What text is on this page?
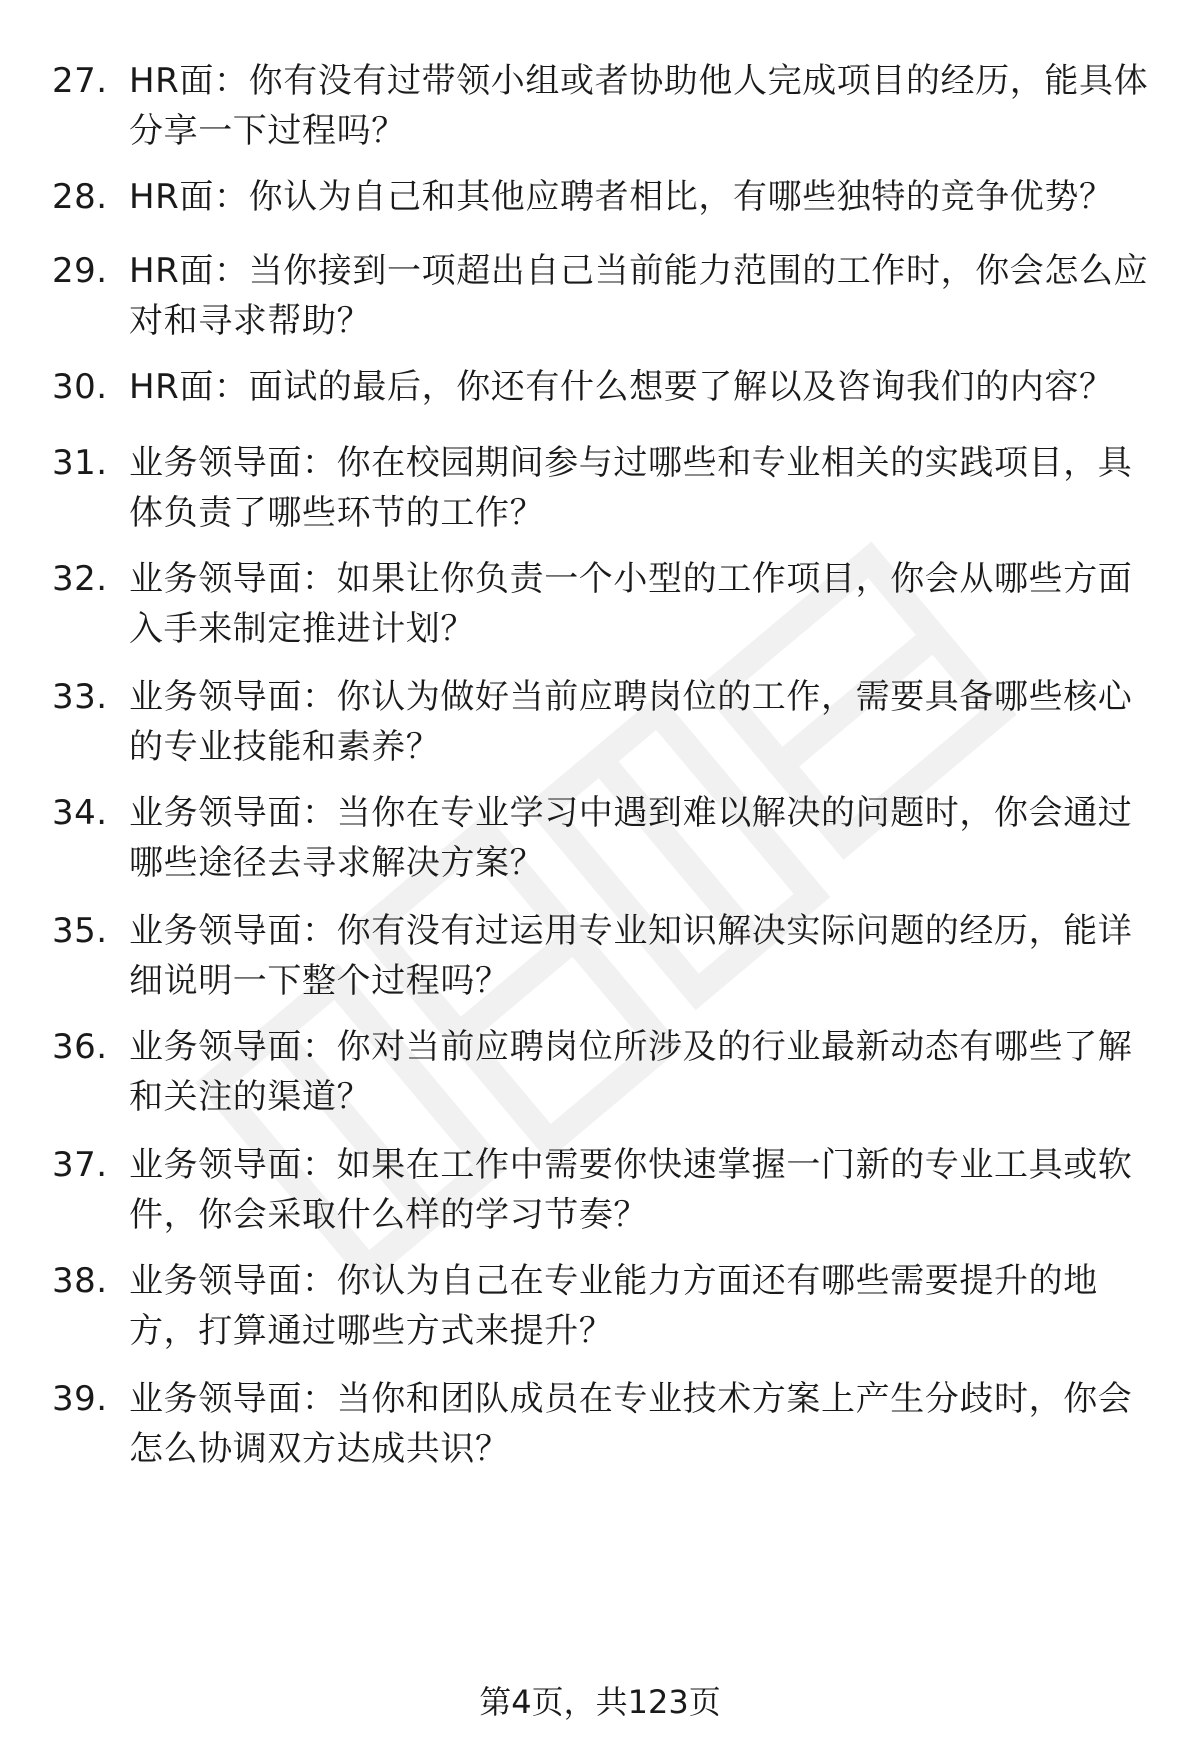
27. HR面：你有没有过带领小组或者协助他人完成项目的经历，能具体分享一下过程吗？
28. HR面：你认为自己和其他应聘者相比，有哪些独特的竞争优势？
29. HR面：当你接到一项超出自己当前能力范围的工作时，你会怎么应对和寻求帮助？
30. HR面：面试的最后，你还有什么想要了解以及咨询我们的内容？
31. 业务领导面：你在校园期间参与过哪些和专业相关的实践项目，具体负责了哪些环节的工作？
32. 业务领导面：如果让你负责一个小型的工作项目，你会从哪些方面入手来制定推进计划？
33. 业务领导面：你认为做好当前应聘岗位的工作，需要具备哪些核心的专业技能和素养？
34. 业务领导面：当你在专业学习中遇到难以解决的问题时，你会通过哪些途径去寻求解决方案？
35. 业务领导面：你有没有过运用专业知识解决实际问题的经历，能详细说明一下整个过程吗？
36. 业务领导面：你对当前应聘岗位所涉及的行业最新动态有哪些了解和关注的渠道？
37. 业务领导面：如果在工作中需要你快速掌握一门新的专业工具或软件，你会采取什么样的学习节奏？
38. 业务领导面：你认为自己在专业能力方面还有哪些需要提升的地方，打算通过哪些方式来提升？
39. 业务领导面：当你和团队成员在专业技术方案上产生分歧时，你会怎么协调双方达成共识？
第4页，共123页
